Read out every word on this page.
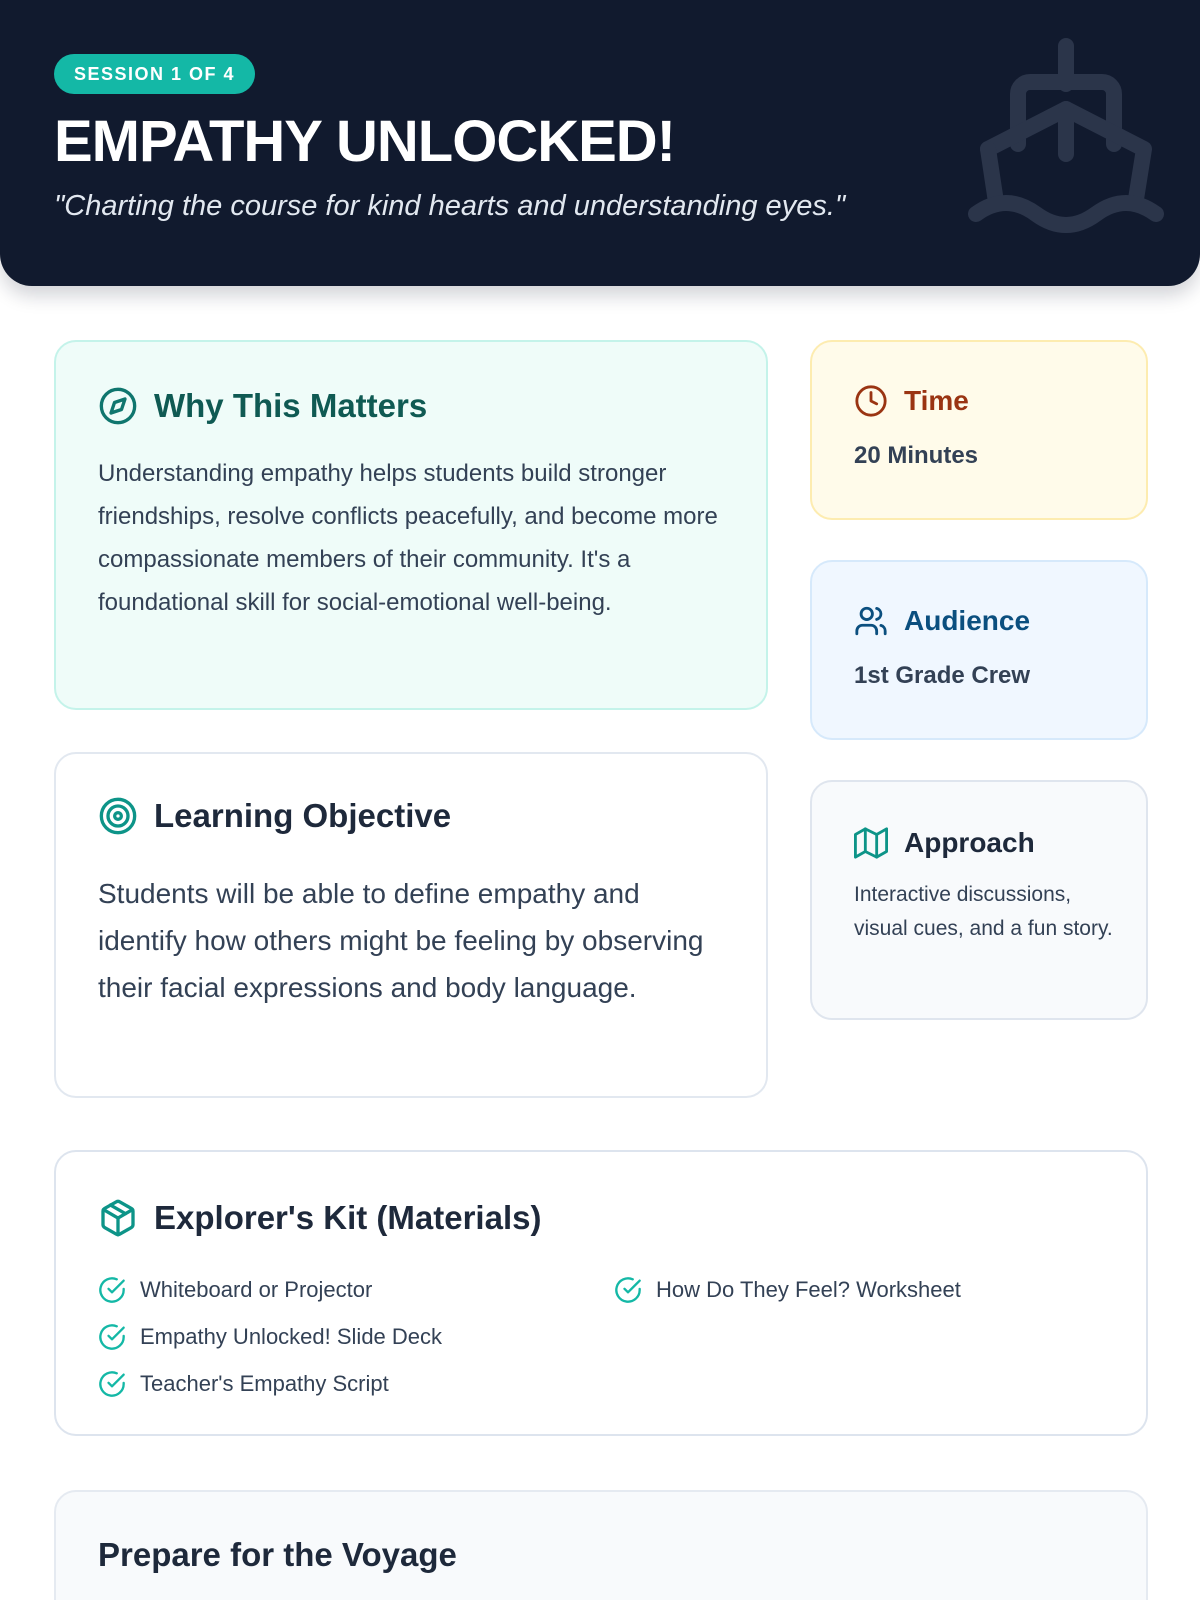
SESSION 1 OF 4
EMPATHY UNLOCKED!

"Charting the course for kind hearts and understanding eyes."

Why This Matters

Understanding empathy helps students build stronger friendships, resolve conflicts peacefully, and become more compassionate members of their community. It's a foundational skill for social-emotional well-being.

Learning Objective

Students will be able to define empathy and identify how others might be feeling by observing their facial expressions and body language.

Time
20 Minutes
Audience
1st Grade Crew
Approach
Interactive discussions, visual cues, and a fun story.
Explorer's Kit (Materials)
Whiteboard or Projector
Empathy Unlocked! Slide Deck
Teacher's Empathy Script
How Do They Feel? Worksheet
Prepare for the Voyage
